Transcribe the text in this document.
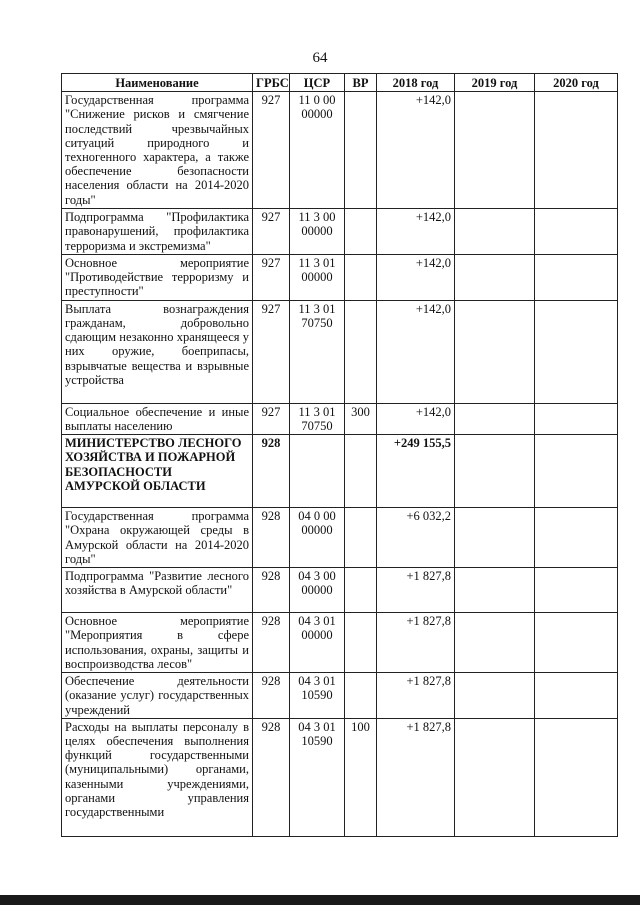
64
Наименование	ГРБС	ЦСР	ВР	2018 год	2019 год	2020 год
Государственная программа "Снижение рисков и смягчение последствий чрезвычайных ситуаций природного и техногенного характера, а также обеспечение безопасности населения области на 2014-2020 годы"	927	11 0 00 00000		+142,0		
Подпрограмма "Профилактика правонарушений, профилактика терроризма и экстремизма"	927	11 3 00 00000		+142,0		
Основное мероприятие "Противодействие терроризму и преступности"	927	11 3 01 00000		+142,0		
Выплата вознаграждения гражданам, добровольно сдающим незаконно хранящееся у них оружие, боеприпасы, взрывчатые вещества и взрывные устройства	927	11 3 01 70750		+142,0		
Социальное обеспечение и иные выплаты населению	927	11 3 01 70750	300	+142,0		
МИНИСТЕРСТВО ЛЕСНОГО ХОЗЯЙСТВА И ПОЖАРНОЙ БЕЗОПАСНОСТИ АМУРСКОЙ ОБЛАСТИ	928			+249 155,5		
Государственная программа "Охрана окружающей среды в Амурской области на 2014-2020 годы"	928	04 0 00 00000		+6 032,2		
Подпрограмма "Развитие лесного хозяйства в Амурской области"	928	04 3 00 00000		+1 827,8		
Основное мероприятие "Мероприятия в сфере использования, охраны, защиты и воспроизводства лесов"	928	04 3 01 00000		+1 827,8		
Обеспечение деятельности (оказание услуг) государственных учреждений	928	04 3 01 10590		+1 827,8		
Расходы на выплаты персоналу в целях обеспечения выполнения функций государственными (муниципальными) органами, казенными учреждениями, органами управления государственными	928	04 3 01 10590	100	+1 827,8		
